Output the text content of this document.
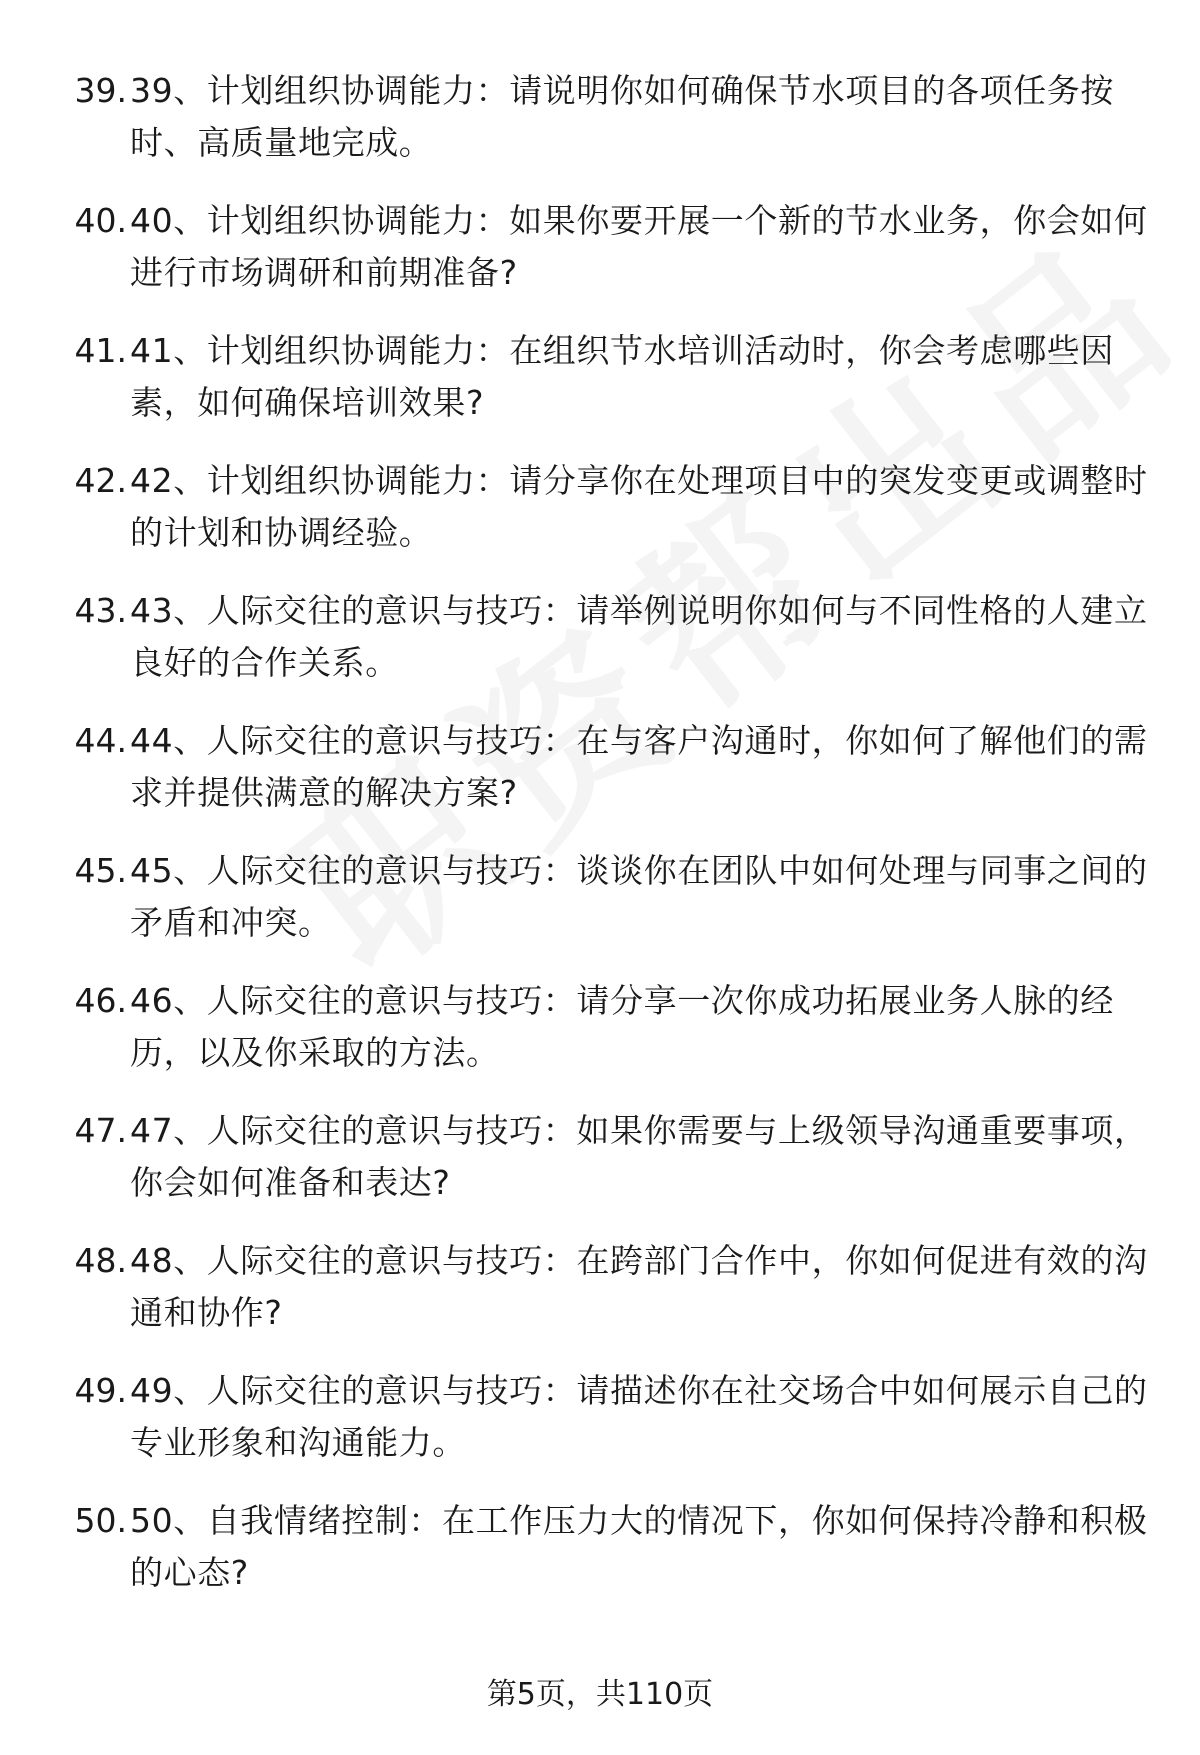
39. 39、计划组织协调能力：请说明你如何确保节水项目的各项任务按时、高质量地完成。
40. 40、计划组织协调能力：如果你要开展一个新的节水业务，你会如何进行市场调研和前期准备?
41. 41、计划组织协调能力：在组织节水培训活动时，你会考虑哪些因素，如何确保培训效果?
42. 42、计划组织协调能力：请分享你在处理项目中的突发变更或调整时的计划和协调经验。
43. 43、人际交往的意识与技巧：请举例说明你如何与不同性格的人建立良好的合作关系。
44. 44、人际交往的意识与技巧：在与客户沟通时，你如何了解他们的需求并提供满意的解决方案?
45. 45、人际交往的意识与技巧：谈谈你在团队中如何处理与同事之间的矛盾和冲突。
46. 46、人际交往的意识与技巧：请分享一次你成功拓展业务人脉的经历，以及你采取的方法。
47. 47、人际交往的意识与技巧：如果你需要与上级领导沟通重要事项，你会如何准备和表达?
48. 48、人际交往的意识与技巧：在跨部门合作中，你如何促进有效的沟通和协作?
49. 49、人际交往的意识与技巧：请描述你在社交场合中如何展示自己的专业形象和沟通能力。
50. 50、自我情绪控制：在工作压力大的情况下，你如何保持冷静和积极的心态?
第5页，共110页
